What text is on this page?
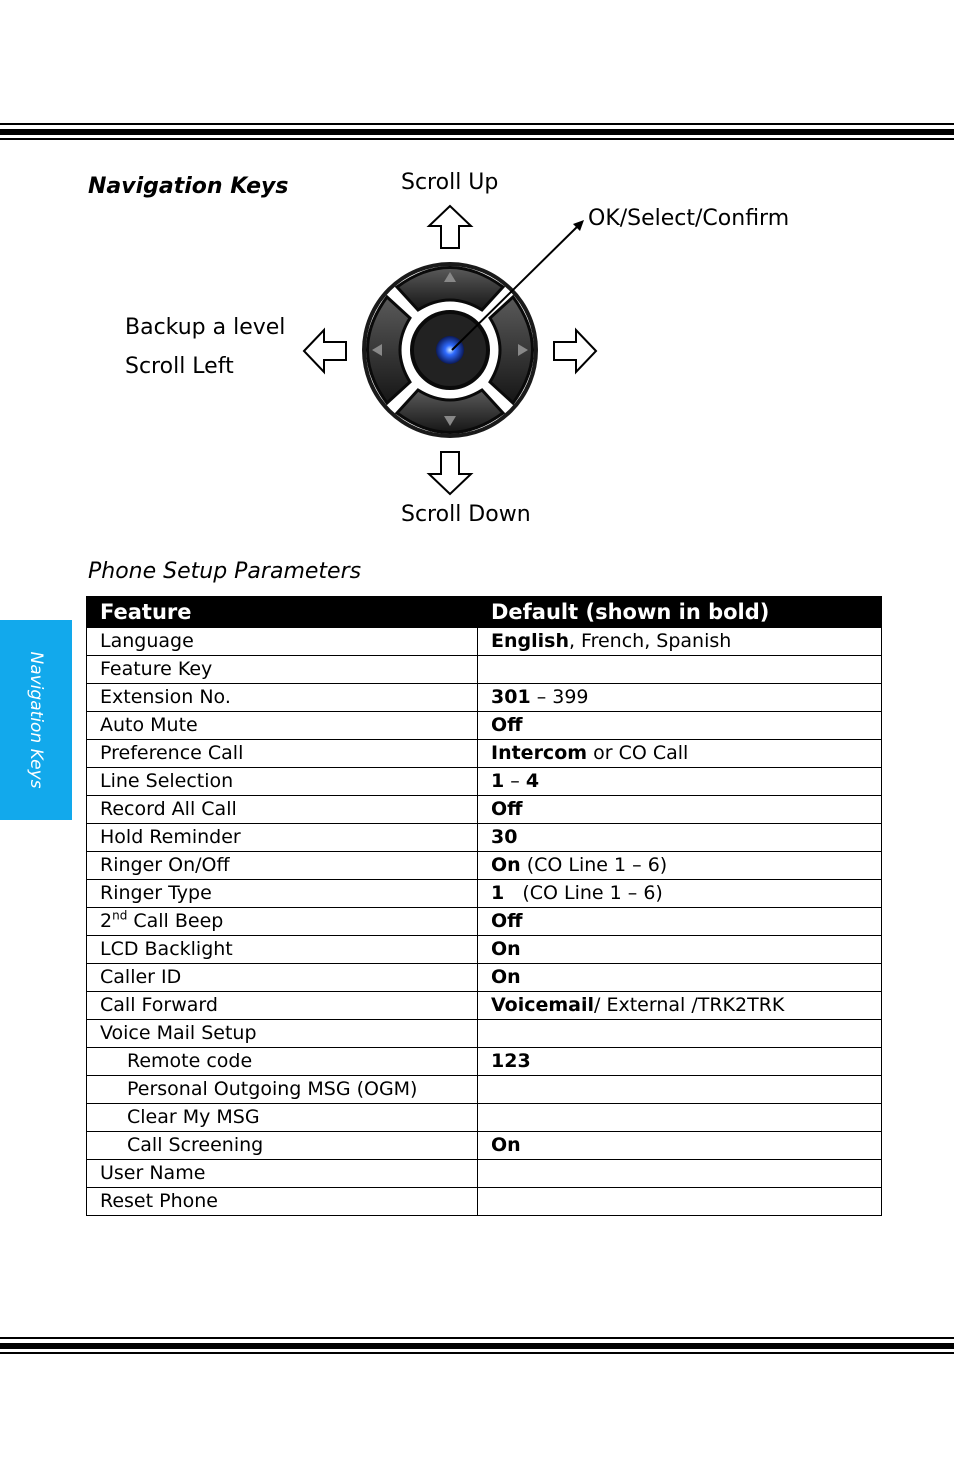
Navigation Keys
Navigation Keys	Scroll Up
OK/Select/Confirm
Backup a level
Scroll Left
Scroll Down
Phone Setup Parameters
Feature	Default (shown in bold)
Language	English, French, Spanish
Feature Key	
Extension No.	301 – 399
Auto Mute	Off
Preference Call	Intercom or CO Call
Line Selection	1 – 4
Record All Call	Off
Hold Reminder	30
Ringer On/Off	On (CO Line 1 – 6)
Ringer Type	1   (CO Line 1 – 6)
2nd Call Beep	Off
LCD Backlight	On
Caller ID	On
Call Forward	Voicemail/ External /TRK2TRK
Voice Mail Setup	
Remote code	123
Personal Outgoing MSG (OGM)	
Clear My MSG	
Call Screening	On
User Name	
Reset Phone	
